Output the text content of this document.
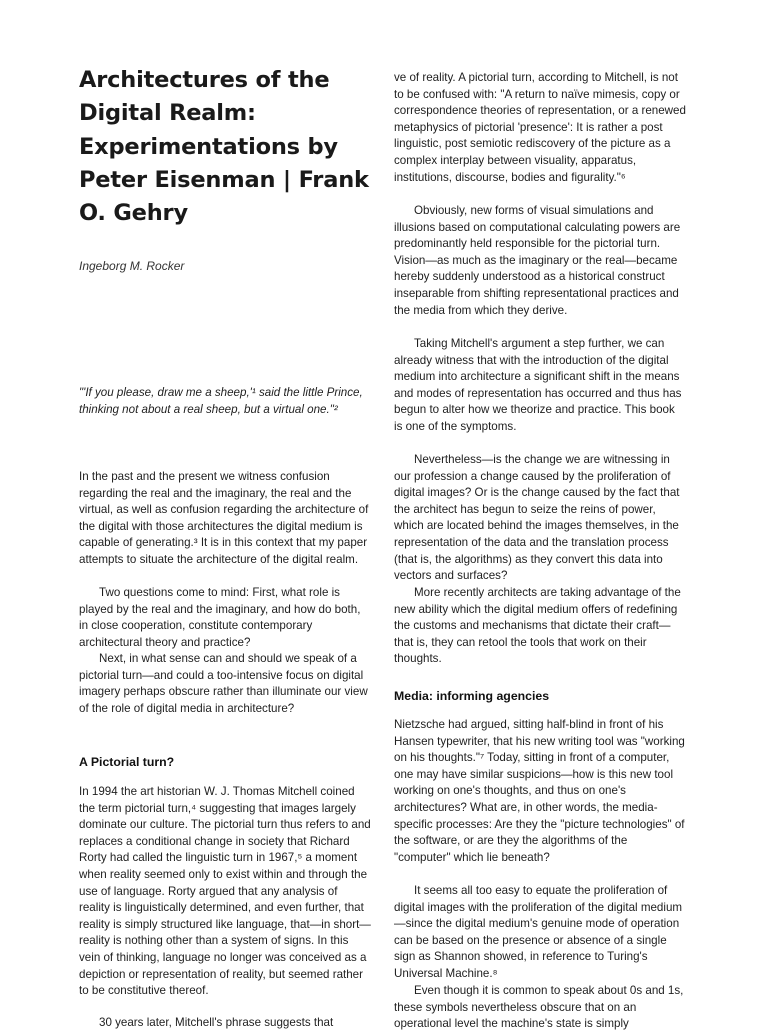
Architectures of the Digital Realm: Experimentations by Peter Eisenman | Frank O. Gehry

Ingeborg M. Rocker

"'If you please, draw me a sheep,'¹ said the little Prince, thinking not about a real sheep, but a virtual one."²

In the past and the present we witness confusion regarding the real and the imaginary, the real and the virtual, as well as confusion regarding the architecture of the digital with those architectures the digital medium is capable of generating.³ It is in this context that my paper attempts to situate the architecture of the digital realm.

Two questions come to mind: First, what role is played by the real and the imaginary, and how do both, in close cooperation, constitute contemporary architectural theory and practice?

Next, in what sense can and should we speak of a pictorial turn—and could a too-intensive focus on digital imagery perhaps obscure rather than illuminate our view of the role of digital media in architecture?

A Pictorial turn?

In 1994 the art historian W. J. Thomas Mitchell coined the term pictorial turn,⁴ suggesting that images largely dominate our culture. The pictorial turn thus refers to and replaces a conditional change in society that Richard Rorty had called the linguistic turn in 1967,⁵ a moment when reality seemed only to exist within and through the use of language. Rorty argued that any analysis of reality is linguistically determined, and even further, that reality is simply structured like language, that—in short—reality is nothing other than a system of signs. In this vein of thinking, language no longer was conceived as a depiction or representation of reality, but seemed rather to be constitutive thereof.

30 years later, Mitchell's phrase suggests that

ve of reality. A pictorial turn, according to Mitchell, is not to be confused with: "A return to naïve mimesis, copy or correspondence theories of representation, or a renewed metaphysics of pictorial 'presence': It is rather a post linguistic, post semiotic rediscovery of the picture as a complex interplay between visuality, apparatus, institutions, discourse, bodies and figurality."⁶

Obviously, new forms of visual simulations and illusions based on computational calculating powers are predominantly held responsible for the pictorial turn. Vision—as much as the imaginary or the real—became hereby suddenly understood as a historical construct inseparable from shifting representational practices and the media from which they derive.

Taking Mitchell's argument a step further, we can already witness that with the introduction of the digital medium into architecture a significant shift in the means and modes of representation has occurred and thus has begun to alter how we theorize and practice. This book is one of the symptoms.

Nevertheless—is the change we are witnessing in our profession a change caused by the proliferation of digital images? Or is the change caused by the fact that the architect has begun to seize the reins of power, which are located behind the images themselves, in the representation of the data and the translation process (that is, the algorithms) as they convert this data into vectors and surfaces?

More recently architects are taking advantage of the new ability which the digital medium offers of redefining the customs and mechanisms that dictate their craft—that is, they can retool the tools that work on their thoughts.

Media: informing agencies

Nietzsche had argued, sitting half-blind in front of his Hansen typewriter, that his new writing tool was "working on his thoughts."⁷ Today, sitting in front of a computer, one may have similar suspicions—how is this new tool working on one's thoughts, and thus on one's architectures? What are, in other words, the media-specific processes: Are they the "picture technologies" of the software, or are they the algorithms of the "computer" which lie beneath?

It seems all too easy to equate the proliferation of digital images with the proliferation of the digital medium—since the digital medium's genuine mode of operation can be based on the presence or absence of a single sign as Shannon showed, in reference to Turing's Universal Machine.⁸

Even though it is common to speak about 0s and 1s, these symbols nevertheless obscure that on an operational level the machine's state is simply
